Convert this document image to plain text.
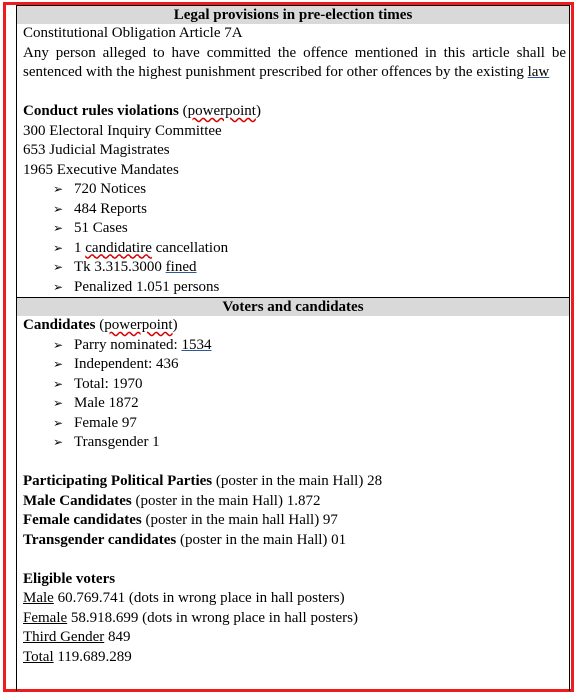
Legal provisions in pre-election times
Constitutional Obligation Article 7A
Any person alleged to have committed the offence mentioned in this article shall be sentenced with the highest punishment prescribed for other offences by the existing law
Conduct rules violations (powerpoint)
300 Electoral Inquiry Committee
653 Judicial Magistrates
1965 Executive Mandates
➢ 720 Notices
➢ 484 Reports
➢ 51 Cases
➢ 1 candidatire cancellation
➢ Tk 3.315.3000 fined
➢ Penalized 1.051 persons
Voters and candidates
Candidates (powerpoint)
➢ Parry nominated: 1534
➢ Independent: 436
➢ Total: 1970
➢ Male 1872
➢ Female 97
➢ Transgender 1
Participating Political Parties (poster in the main Hall) 28
Male Candidates (poster in the main Hall) 1.872
Female candidates (poster in the main hall Hall) 97
Transgender candidates (poster in the main Hall) 01
Eligible voters
Male 60.769.741 (dots in wrong place in hall posters)
Female 58.918.699 (dots in wrong place in hall posters)
Third Gender 849
Total 119.689.289
